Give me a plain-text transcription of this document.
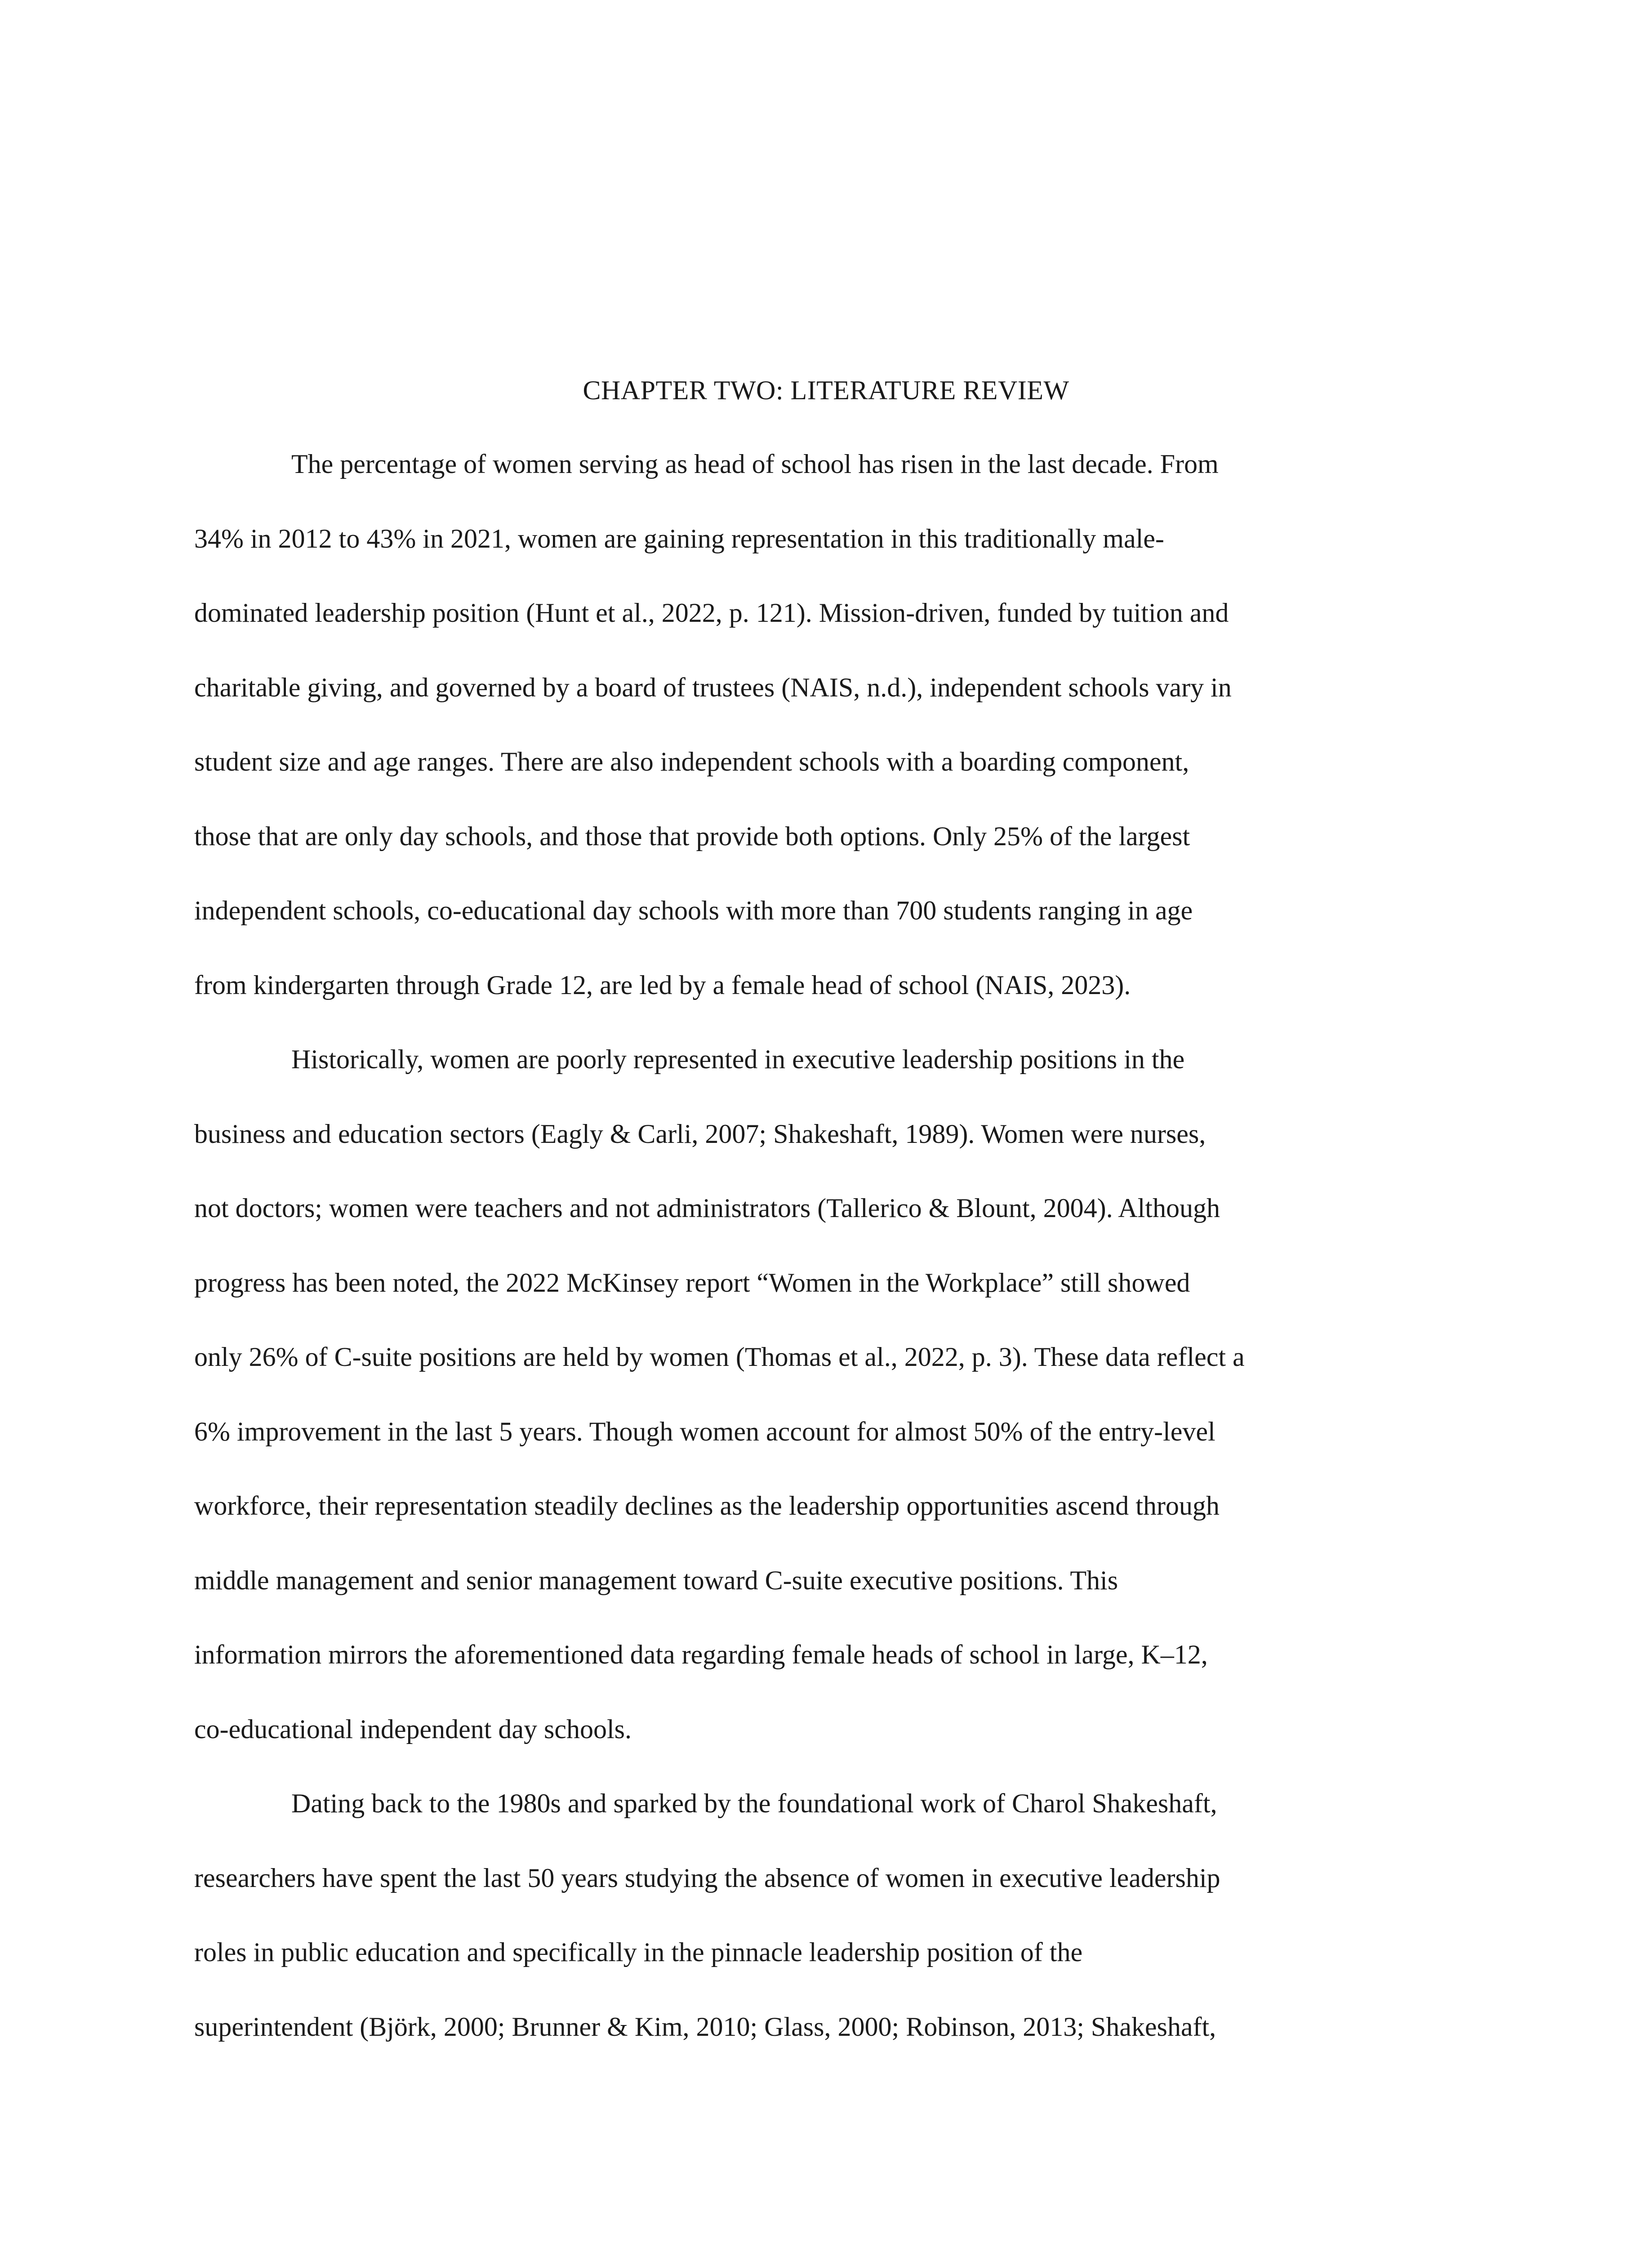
CHAPTER TWO: LITERATURE REVIEW
The percentage of women serving as head of school has risen in the last decade. From
34% in 2012 to 43% in 2021, women are gaining representation in this traditionally male-
dominated leadership position (Hunt et al., 2022, p. 121). Mission-driven, funded by tuition and
charitable giving, and governed by a board of trustees (NAIS, n.d.), independent schools vary in
student size and age ranges. There are also independent schools with a boarding component,
those that are only day schools, and those that provide both options. Only 25% of the largest
independent schools, co-educational day schools with more than 700 students ranging in age
from kindergarten through Grade 12, are led by a female head of school (NAIS, 2023).
Historically, women are poorly represented in executive leadership positions in the
business and education sectors (Eagly & Carli, 2007; Shakeshaft, 1989). Women were nurses,
not doctors; women were teachers and not administrators (Tallerico & Blount, 2004). Although
progress has been noted, the 2022 McKinsey report “Women in the Workplace” still showed
only 26% of C-suite positions are held by women (Thomas et al., 2022, p. 3). These data reflect a
6% improvement in the last 5 years. Though women account for almost 50% of the entry-level
workforce, their representation steadily declines as the leadership opportunities ascend through
middle management and senior management toward C-suite executive positions. This
information mirrors the aforementioned data regarding female heads of school in large, K–12,
co-educational independent day schools.
Dating back to the 1980s and sparked by the foundational work of Charol Shakeshaft,
researchers have spent the last 50 years studying the absence of women in executive leadership
roles in public education and specifically in the pinnacle leadership position of the
superintendent (Björk, 2000; Brunner & Kim, 2010; Glass, 2000; Robinson, 2013; Shakeshaft,
